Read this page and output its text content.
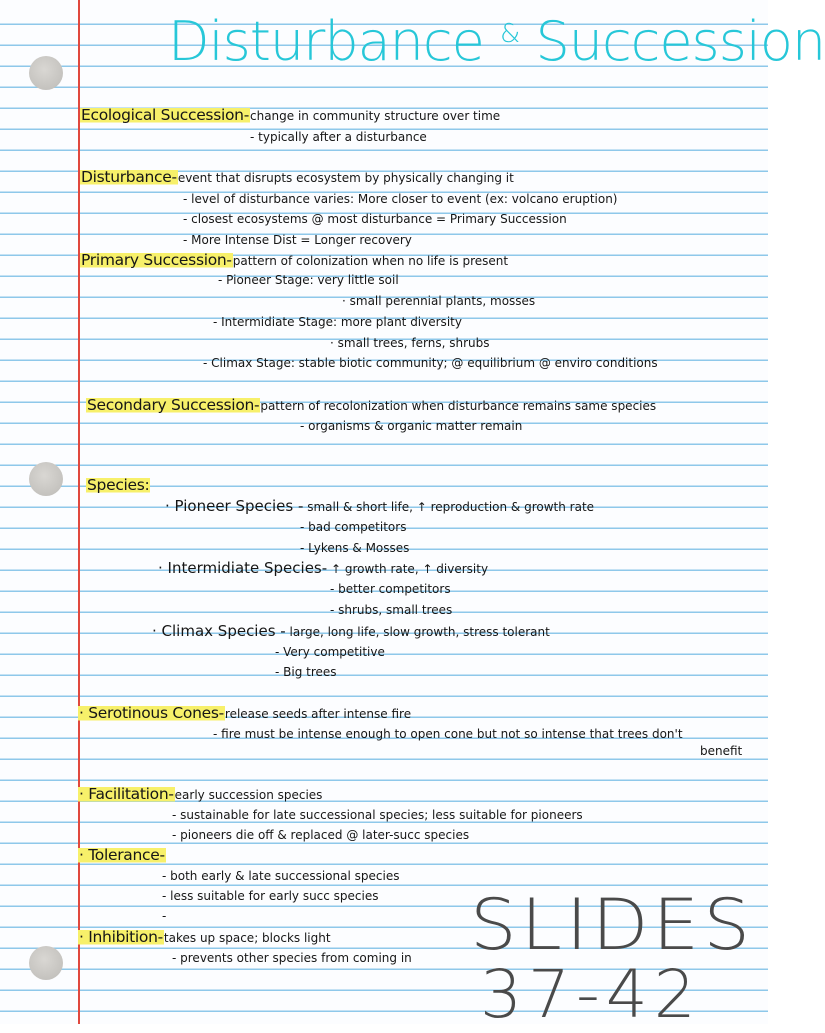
Disturbance & Succession
Ecological Succession-change in community structure over time
- typically after a disturbance
Disturbance-event that disrupts ecosystem by physically changing it
- level of disturbance varies: More closer to event (ex: volcano eruption)
- closest ecosystems @ most disturbance = Primary Succession
- More Intense Dist = Longer recovery
Primary Succession-pattern of colonization when no life is present
- Pioneer Stage: very little soil
· small perennial plants, mosses
- Intermidiate Stage: more plant diversity
· small trees, ferns, shrubs
- Climax Stage: stable biotic community; @ equilibrium @ enviro conditions
Secondary Succession-pattern of recolonization when disturbance remains same species
- organisms & organic matter remain
Species:
· Pioneer Species - small & short life, ↑ reproduction & growth rate
- bad competitors
- Lykens & Mosses
· Intermidiate Species- ↑ growth rate, ↑ diversity
- better competitors
- shrubs, small trees
· Climax Species - large, long life, slow growth, stress tolerant
- Very competitive
- Big trees
· Serotinous Cones-release seeds after intense fire
- fire must be intense enough to open cone but not so intense that trees don't
benefit
· Facilitation-early succession species
- sustainable for late successional species; less suitable for pioneers
- pioneers die off & replaced @ later-succ species
· Tolerance-
- both early & late successional species
- less suitable for early succ species
-
· Inhibition-takes up space; blocks light
- prevents other species from coming in SLIDES
37-42
